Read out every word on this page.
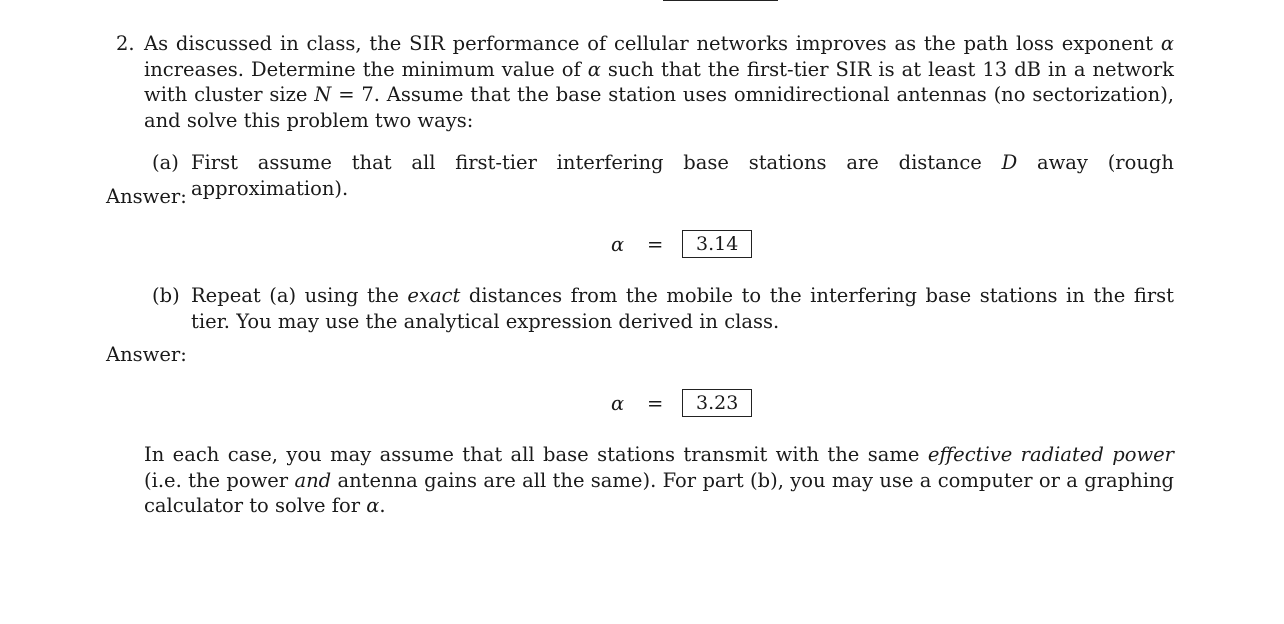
2. As discussed in class, the SIR performance of cellular networks improves as the path loss exponent α increases. Determine the minimum value of α such that the first-tier SIR is at least 13 dB in a network with cluster size N = 7. Assume that the base station uses omnidirectional antennas (no sectorization), and solve this problem two ways:
(a) First assume that all first-tier interfering base stations are distance D away (rough approximation).
Answer:
α =	3.14
(b) Repeat (a) using the exact distances from the mobile to the interfering base stations in the first tier. You may use the analytical expression derived in class.
Answer:
α =	3.23
In each case, you may assume that all base stations transmit with the same effective radiated power (i.e. the power and antenna gains are all the same). For part (b), you may use a computer or a graphing calculator to solve for α.
